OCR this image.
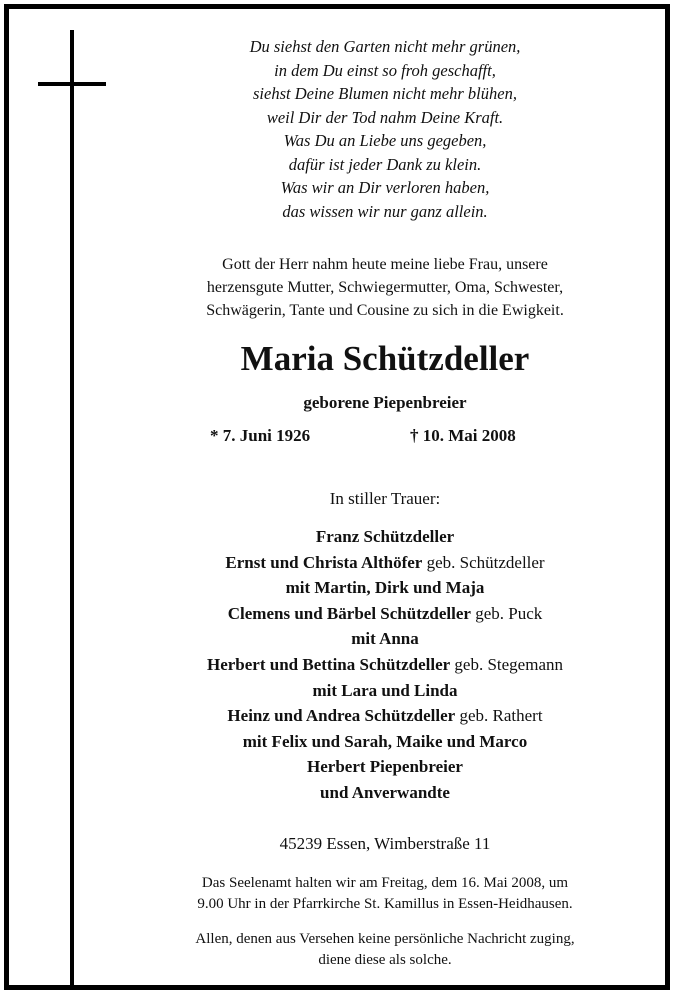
Du siehst den Garten nicht mehr grünen,
in dem Du einst so froh geschafft,
siehst Deine Blumen nicht mehr blühen,
weil Dir der Tod nahm Deine Kraft.
Was Du an Liebe uns gegeben,
dafür ist jeder Dank zu klein.
Was wir an Dir verloren haben,
das wissen wir nur ganz allein.
Gott der Herr nahm heute meine liebe Frau, unsere
herzensgute Mutter, Schwiegermutter, Oma, Schwester,
Schwägerin, Tante und Cousine zu sich in die Ewigkeit.
Maria Schützdeller
geborene Piepenbreier
* 7. Juni 1926	† 10. Mai 2008
In stiller Trauer:
Franz Schützdeller
Ernst und Christa Althöfer geb. Schützdeller
mit Martin, Dirk und Maja
Clemens und Bärbel Schützdeller geb. Puck
mit Anna
Herbert und Bettina Schützdeller geb. Stegemann
mit Lara und Linda
Heinz und Andrea Schützdeller geb. Rathert
mit Felix und Sarah, Maike und Marco
Herbert Piepenbreier
und Anverwandte
45239 Essen, Wimberstraße 11
Das Seelenamt halten wir am Freitag, dem 16. Mai 2008, um
9.00 Uhr in der Pfarrkirche St. Kamillus in Essen-Heidhausen.
Allen, denen aus Versehen keine persönliche Nachricht zuging,
diene diese als solche.
